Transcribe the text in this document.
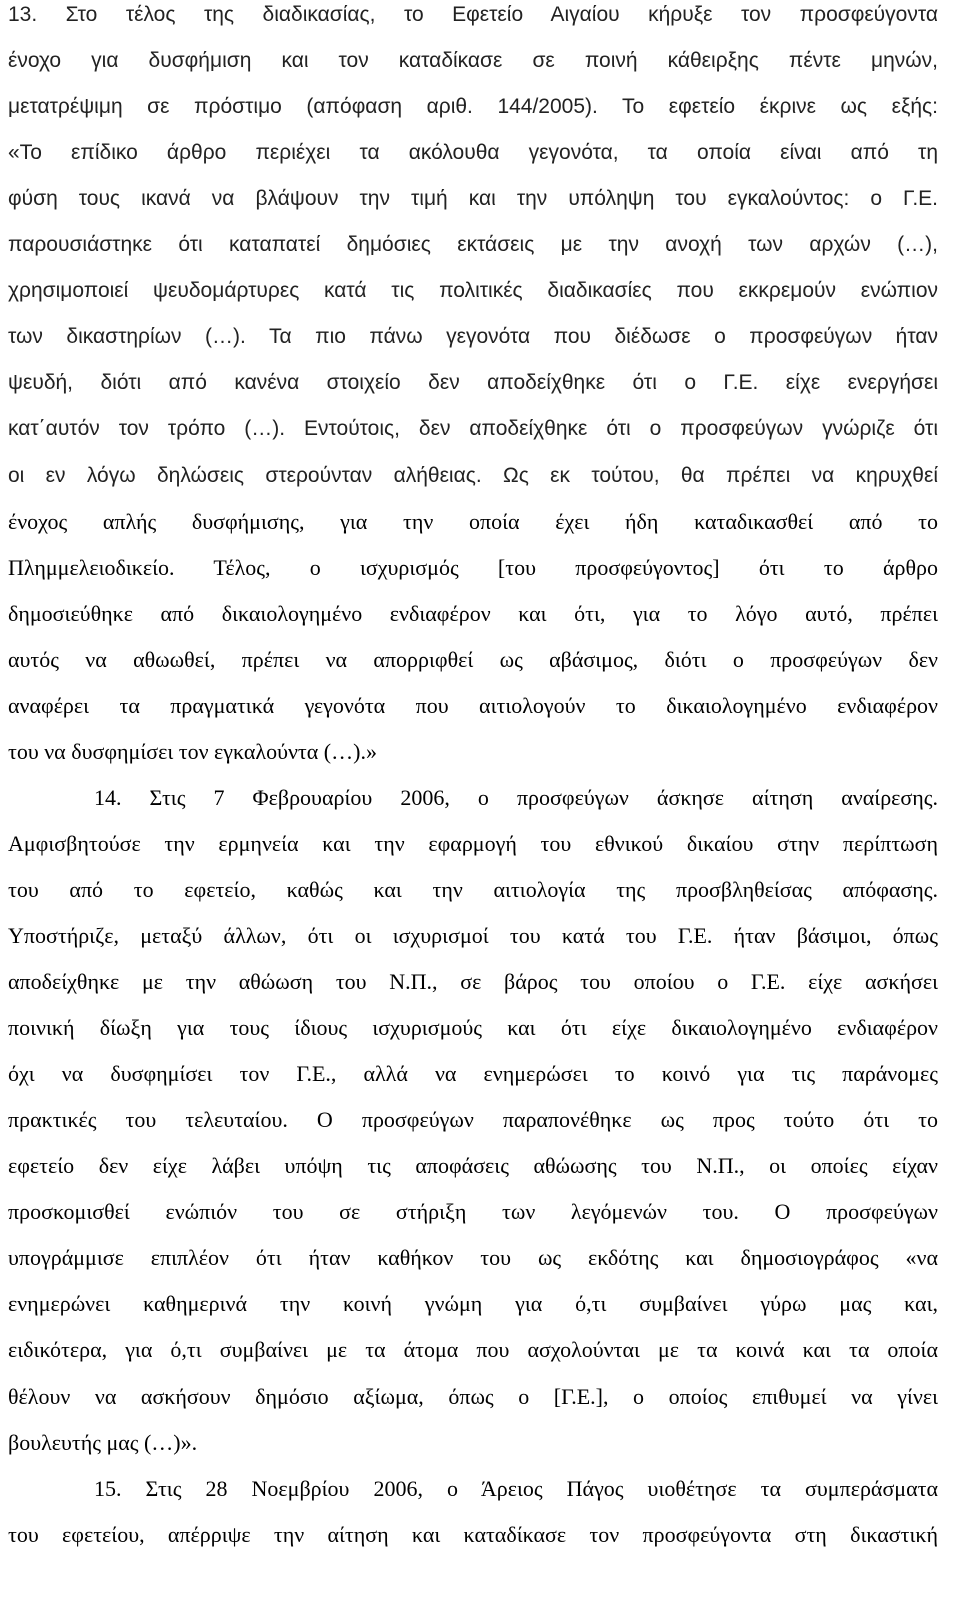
13. Στο τέλος της διαδικασίας, το Εφετείο Αιγαίου κήρυξε τον προσφεύγοντα
ένοχο για δυσφήμιση και τον καταδίκασε σε ποινή κάθειρξης πέντε μηνών,
μετατρέψιμη σε πρόστιμο (απόφαση αριθ. 144/2005). Το εφετείο έκρινε ως εξής:
«Το επίδικο άρθρο περιέχει τα ακόλουθα γεγονότα, τα οποία είναι από τη
φύση τους ικανά να βλάψουν την τιμή και την υπόληψη του εγκαλούντος: ο Γ.Ε.
παρουσιάστηκε ότι καταπατεί δημόσιες εκτάσεις με την ανοχή των αρχών (…),
χρησιμοποιεί ψευδομάρτυρες κατά τις πολιτικές διαδικασίες που εκκρεμούν ενώπιον
των δικαστηρίων (…). Τα πιο πάνω γεγονότα που διέδωσε ο προσφεύγων ήταν
ψευδή, διότι από κανένα στοιχείο δεν αποδείχθηκε ότι ο Γ.Ε. είχε ενεργήσει
κατ΄αυτόν τον τρόπο (…). Εντούτοις, δεν αποδείχθηκε ότι ο προσφεύγων γνώριζε ότι
οι εν λόγω δηλώσεις στερούνταν αλήθειας. Ως εκ τούτου, θα πρέπει να κηρυχθεί
ένοχος απλής δυσφήμισης, για την οποία έχει ήδη καταδικασθεί από το
Πλημμελειοδικείο. Τέλος, ο ισχυρισμός [του προσφεύγοντος] ότι το άρθρο
δημοσιεύθηκε από δικαιολογημένο ενδιαφέρον και ότι, για το λόγο αυτό, πρέπει
αυτός να αθωωθεί, πρέπει να απορριφθεί ως αβάσιμος, διότι ο προσφεύγων δεν
αναφέρει τα πραγματικά γεγονότα που αιτιολογούν το δικαιολογημένο ενδιαφέρον
του να δυσφημίσει τον εγκαλούντα (…).»
14. Στις 7 Φεβρουαρίου 2006, ο προσφεύγων άσκησε αίτηση αναίρεσης.
Αμφισβητούσε την ερμηνεία και την εφαρμογή του εθνικού δικαίου στην περίπτωση
του από το εφετείο, καθώς και την αιτιολογία της προσβληθείσας απόφασης.
Υποστήριζε, μεταξύ άλλων, ότι οι ισχυρισμοί του κατά του Γ.Ε. ήταν βάσιμοι, όπως
αποδείχθηκε με την αθώωση του Ν.Π., σε βάρος του οποίου ο Γ.Ε. είχε ασκήσει
ποινική δίωξη για τους ίδιους ισχυρισμούς και ότι είχε δικαιολογημένο ενδιαφέρον
όχι να δυσφημίσει τον Γ.Ε., αλλά να ενημερώσει το κοινό για τις παράνομες
πρακτικές του τελευταίου. Ο προσφεύγων παραπονέθηκε ως προς τούτο ότι το
εφετείο δεν είχε λάβει υπόψη τις αποφάσεις αθώωσης του Ν.Π., οι οποίες είχαν
προσκομισθεί ενώπιόν του σε στήριξη των λεγόμενών του. Ο προσφεύγων
υπογράμμισε επιπλέον ότι ήταν καθήκον του ως εκδότης και δημοσιογράφος «να
ενημερώνει καθημερινά την κοινή γνώμη για ό,τι συμβαίνει γύρω μας και,
ειδικότερα, για ό,τι συμβαίνει με τα άτομα που ασχολούνται με τα κοινά και τα οποία
θέλουν να ασκήσουν δημόσιο αξίωμα, όπως ο [Γ.Ε.], ο οποίος επιθυμεί να γίνει
βουλευτής μας (…)».
15. Στις 28 Νοεμβρίου 2006, ο Άρειος Πάγος υιοθέτησε τα συμπεράσματα
του εφετείου, απέρριψε την αίτηση και καταδίκασε τον προσφεύγοντα στη δικαστική
